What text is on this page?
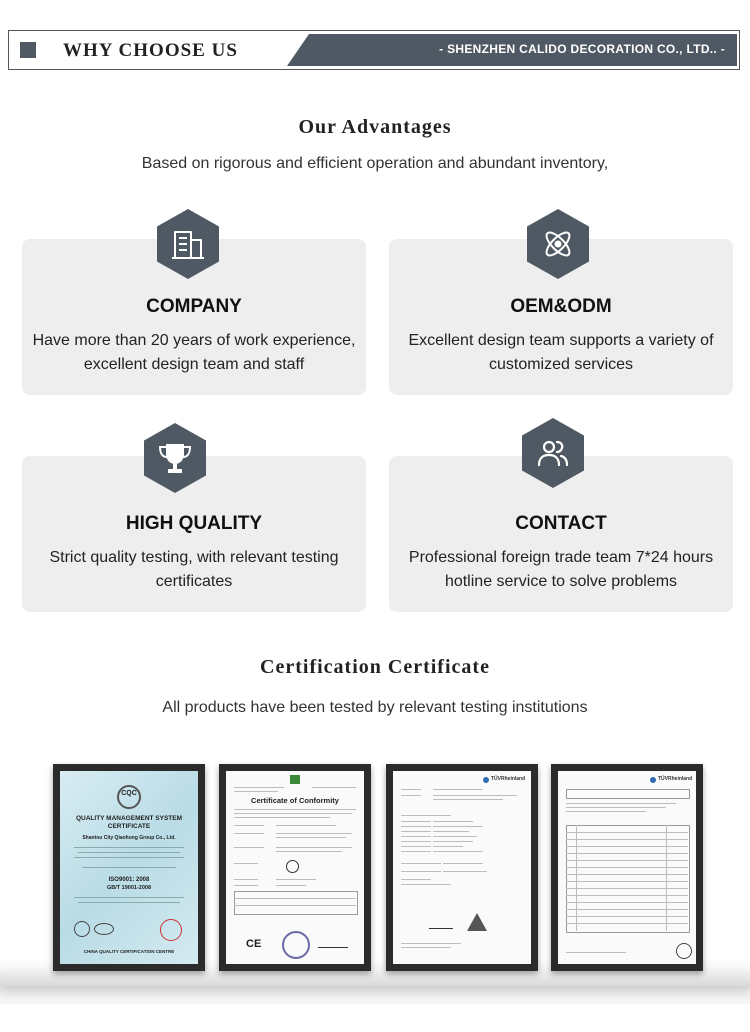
WHY CHOOSE US	- SHENZHEN CALIDO DECORATION CO., LTD.. -
Our Advantages
Based on rigorous and efficient operation and abundant inventory,
COMPANY
Have more than 20 years of work experience, excellent design team and staff
OEM&ODM
Excellent design team supports a variety of customized services
HIGH QUALITY
Strict quality testing, with relevant testing certificates
CONTACT
Professional foreign trade team 7*24 hours hotline service to solve problems
Certification Certificate
All products have been tested by relevant testing institutions
CQC
QUALITY MANAGEMENT SYSTEM CERTIFICATE
Shantou City Qiaohong Group Co., Ltd.
ISO9001: 2008
GB/T 19001-2008
CHINA QUALITY CERTIFICATION CENTRE
Certificate of Conformity
CE
TÜVRheinland	TÜVRheinland
